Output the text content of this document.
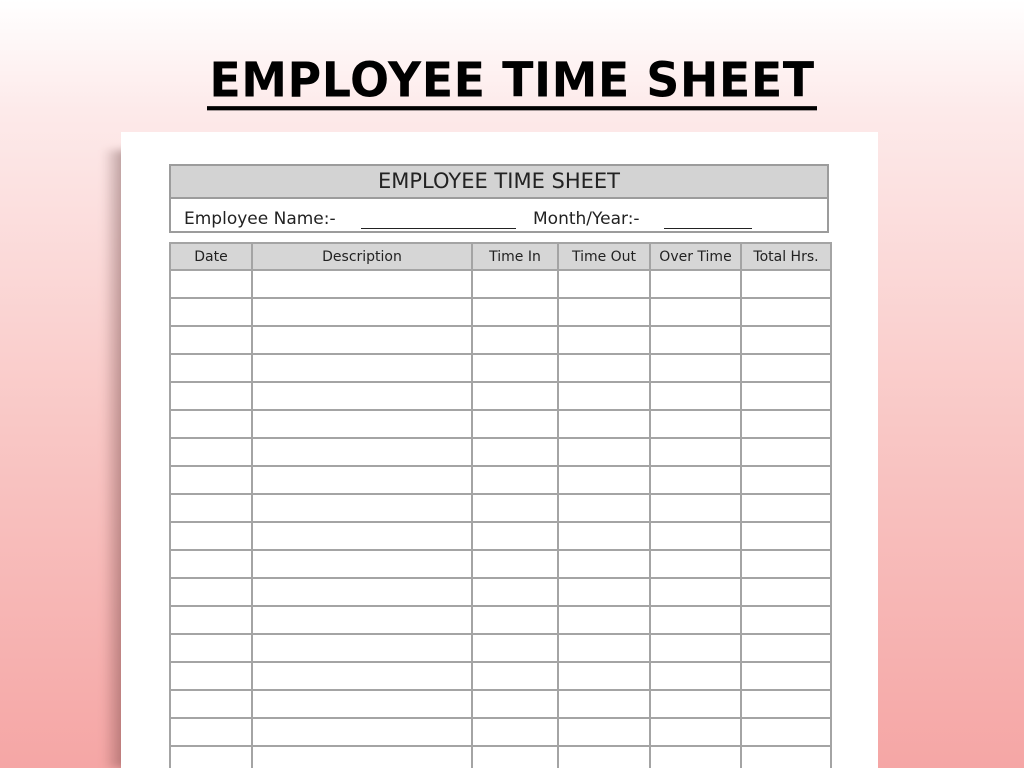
EMPLOYEE TIME SHEET
EMPLOYEE TIME SHEET
Employee Name:-	Month/Year:-
Date	Description	Time In	Time Out	Over Time	Total Hrs.
